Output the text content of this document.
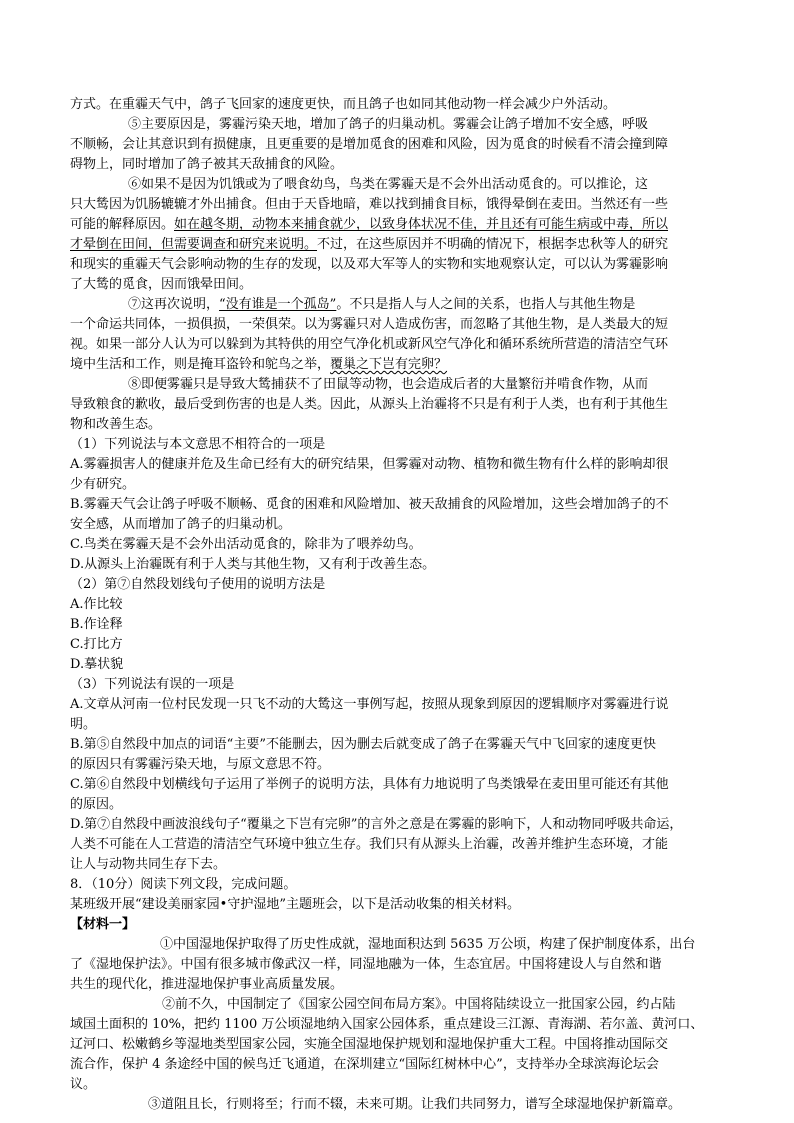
方式。在重霾天气中，鸽子飞回家的速度更快，而且鸽子也如同其他动物一样会减少户外活动。
⑤主要原因是，雾霾污染天地，增加了鸽子的归巢动机。雾霾会让鸽子增加不安全感，呼吸
不顺畅，会让其意识到有损健康，且更重要的是增加觅食的困难和风险，因为觅食的时候看不清会撞到障
碍物上，同时增加了鸽子被其天敌捕食的风险。
⑥如果不是因为饥饿或为了喂食幼鸟，鸟类在雾霾天是不会外出活动觅食的。可以推论，这
只大鸶因为饥肠辘辘才外出捕食。但由于天昏地暗，难以找到捕食目标，饿得晕倒在麦田。当然还有一些
可能的解释原因。如在越冬期，动物本来捕食就少，以致身体状况不佳，并且还有可能生病或中毒，所以
才晕倒在田间，但需要调查和研究来说明。不过，在这些原因并不明确的情况下，根据李忠秋等人的研究
和现实的重霾天气会影响动物的生存的发现，以及邓大军等人的实物和实地观察认定，可以认为雾霾影响
了大鸶的觅食，因而饿晕田间。
⑦这再次说明，“没有谁是一个孤岛”。不只是指人与人之间的关系，也指人与其他生物是
一个命运共同体，一损俱损，一荣俱荣。以为雾霾只对人造成伤害，而忽略了其他生物，是人类最大的短
视。如果一部分人认为可以躲到为其特供的用空气净化机或新风空气净化和循环系统所营造的清洁空气环
境中生活和工作，则是掩耳盗铃和鸵鸟之举，覆巢之下岂有完卵？
⑧即便雾霾只是导致大鸶捕获不了田鼠等动物，也会造成后者的大量繁衍并啃食作物，从而
导致粮食的歉收，最后受到伤害的也是人类。因此，从源头上治霾将不只是有利于人类，也有利于其他生
物和改善生态。
（1）下列说法与本文意思不相符合的一项是
A.雾霾损害人的健康并危及生命已经有大的研究结果，但雾霾对动物、植物和微生物有什么样的影响却很
少有研究。
B.雾霾天气会让鸽子呼吸不顺畅、觅食的困难和风险增加、被天敌捕食的风险增加，这些会增加鸽子的不
安全感，从而增加了鸽子的归巢动机。
C.鸟类在雾霾天是不会外出活动觅食的，除非为了喂养幼鸟。
D.从源头上治霾既有利于人类与其他生物，又有利于改善生态。
（2）第⑦自然段划线句子使用的说明方法是
A.作比较
B.作诠释
C.打比方
D.摹状貌
（3）下列说法有误的一项是
A.文章从河南一位村民发现一只飞不动的大鸶这一事例写起，按照从现象到原因的逻辑顺序对雾霾进行说
明。
B.第⑤自然段中加点的词语“主要”不能删去，因为删去后就变成了鸽子在雾霾天气中飞回家的速度更快
的原因只有雾霾污染天地，与原文意思不符。
C.第⑥自然段中划横线句子运用了举例子的说明方法，具体有力地说明了鸟类饿晕在麦田里可能还有其他
的原因。
D.第⑦自然段中画波浪线句子“覆巢之下岂有完卵”的言外之意是在雾霾的影响下，人和动物同呼吸共命运，
人类不可能在人工营造的清洁空气环境中独立生存。我们只有从源头上治霾，改善并维护生态环境，才能
让人与动物共同生存下去。
8．（10分）阅读下列文段，完成问题。
某班级开展“建设美丽家园•守护湿地”主题班会，以下是活动收集的相关材料。
【材料一】
①中国湿地保护取得了历史性成就，湿地面积达到 5635 万公顷，构建了保护制度体系，出台
了《湿地保护法》。中国有很多城市像武汉一样，同湿地融为一体，生态宜居。中国将建设人与自然和谐
共生的现代化，推进湿地保护事业高质量发展。
②前不久，中国制定了《国家公园空间布局方案》。中国将陆续设立一批国家公园，约占陆
域国土面积的 10%，把约 1100 万公顷湿地纳入国家公园体系，重点建设三江源、青海湖、若尔盖、黄河口、
辽河口、松嫩鹤乡等湿地类型国家公园，实施全国湿地保护规划和湿地保护重大工程。中国将推动国际交
流合作，保护 4 条途经中国的候鸟迁飞通道，在深圳建立“国际红树林中心”，支持举办全球滨海论坛会
议。
③道阻且长，行则将至；行而不辍，未来可期。让我们共同努力，谱写全球湿地保护新篇章。
